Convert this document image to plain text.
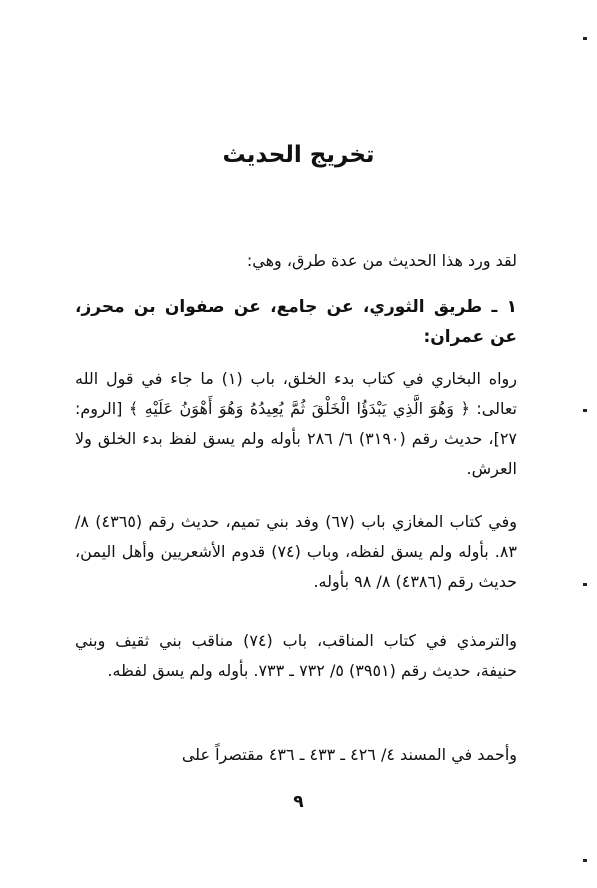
تخريج الحديث
لقد ورد هذا الحديث من عدة طرق، وهي:
١ ـ طريق الثوري، عن جامع، عن صفوان بن محرز، عن عمران:
رواه البخاري في كتاب بدء الخلق، باب (١) ما جاء في قول الله تعالى: ﴿ وَهُوَ الَّذِي يَبْدَؤُا الْخَلْقَ ثُمَّ يُعِيدُهُ وَهُوَ أَهْوَنُ عَلَيْهِ ﴾ [الروم: ٢٧]، حديث رقم (٣١٩٠) ٦/ ٢٨٦ بأوله ولم يسق لفظ بدء الخلق ولا العرش.
وفي كتاب المغازي باب (٦٧) وفد بني تميم، حديث رقم (٤٣٦٥) ٨/ ٨٣. بأوله ولم يسق لفظه، وباب (٧٤) قدوم الأشعريين وأهل اليمن، حديث رقم (٤٣٨٦) ٨/ ٩٨ بأوله.
والترمذي في كتاب المناقب، باب (٧٤) مناقب بني ثقيف وبني حنيفة، حديث رقم (٣٩٥١) ٥/ ٧٣٢ ـ ٧٣٣. بأوله ولم يسق لفظه.
وأحمد في المسند ٤/ ٤٢٦ ـ ٤٣٣ ـ ٤٣٦ مقتصراً على
٩
